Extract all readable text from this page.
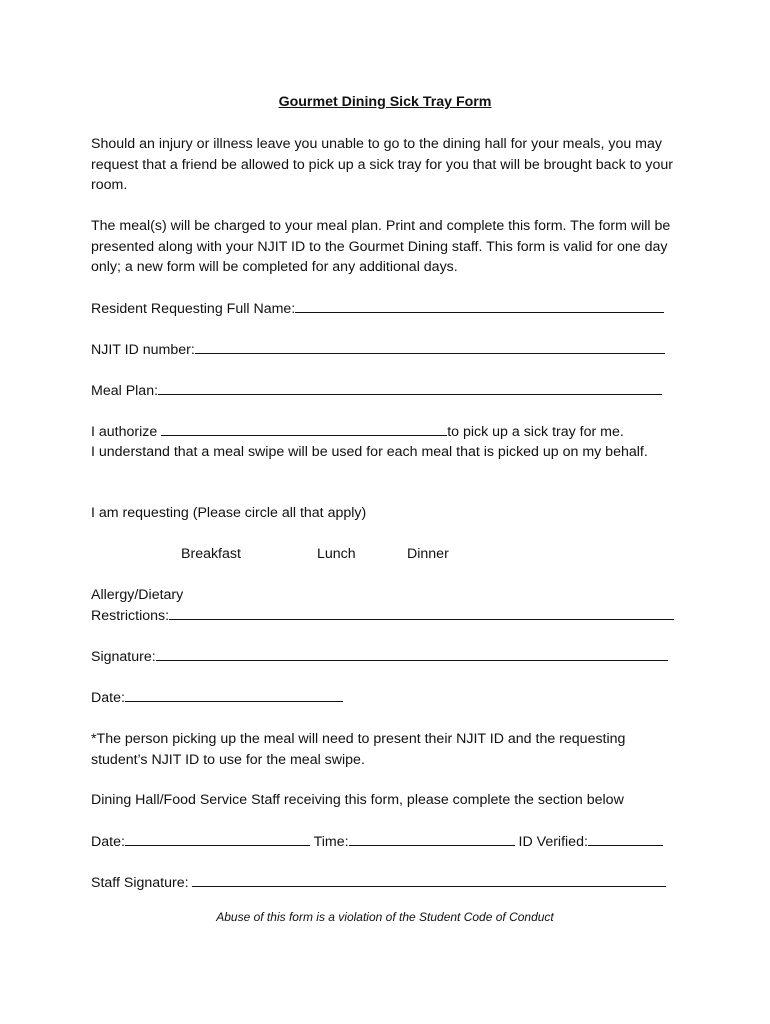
Gourmet Dining Sick Tray Form
Should an injury or illness leave you unable to go to the dining hall for your meals, you may request that a friend be allowed to pick up a sick tray for you that will be brought back to your room.
The meal(s) will be charged to your meal plan. Print and complete this form. The form will be presented along with your NJIT ID to the Gourmet Dining staff. This form is valid for one day only; a new form will be completed for any additional days.
Resident Requesting Full Name:
NJIT ID number:
Meal Plan:
I authorize	to pick up a sick tray for me.
I understand that a meal swipe will be used for each meal that is picked up on my behalf.
I am requesting (Please circle all that apply)
Breakfast	Lunch	Dinner
Allergy/Dietary
Restrictions:
Signature:
Date:
*The person picking up the meal will need to present their NJIT ID and the requesting student’s NJIT ID to use for the meal swipe.
Dining Hall/Food Service Staff receiving this form, please complete the section below
Date:	Time:	ID Verified:
Staff Signature:
Abuse of this form is a violation of the Student Code of Conduct
